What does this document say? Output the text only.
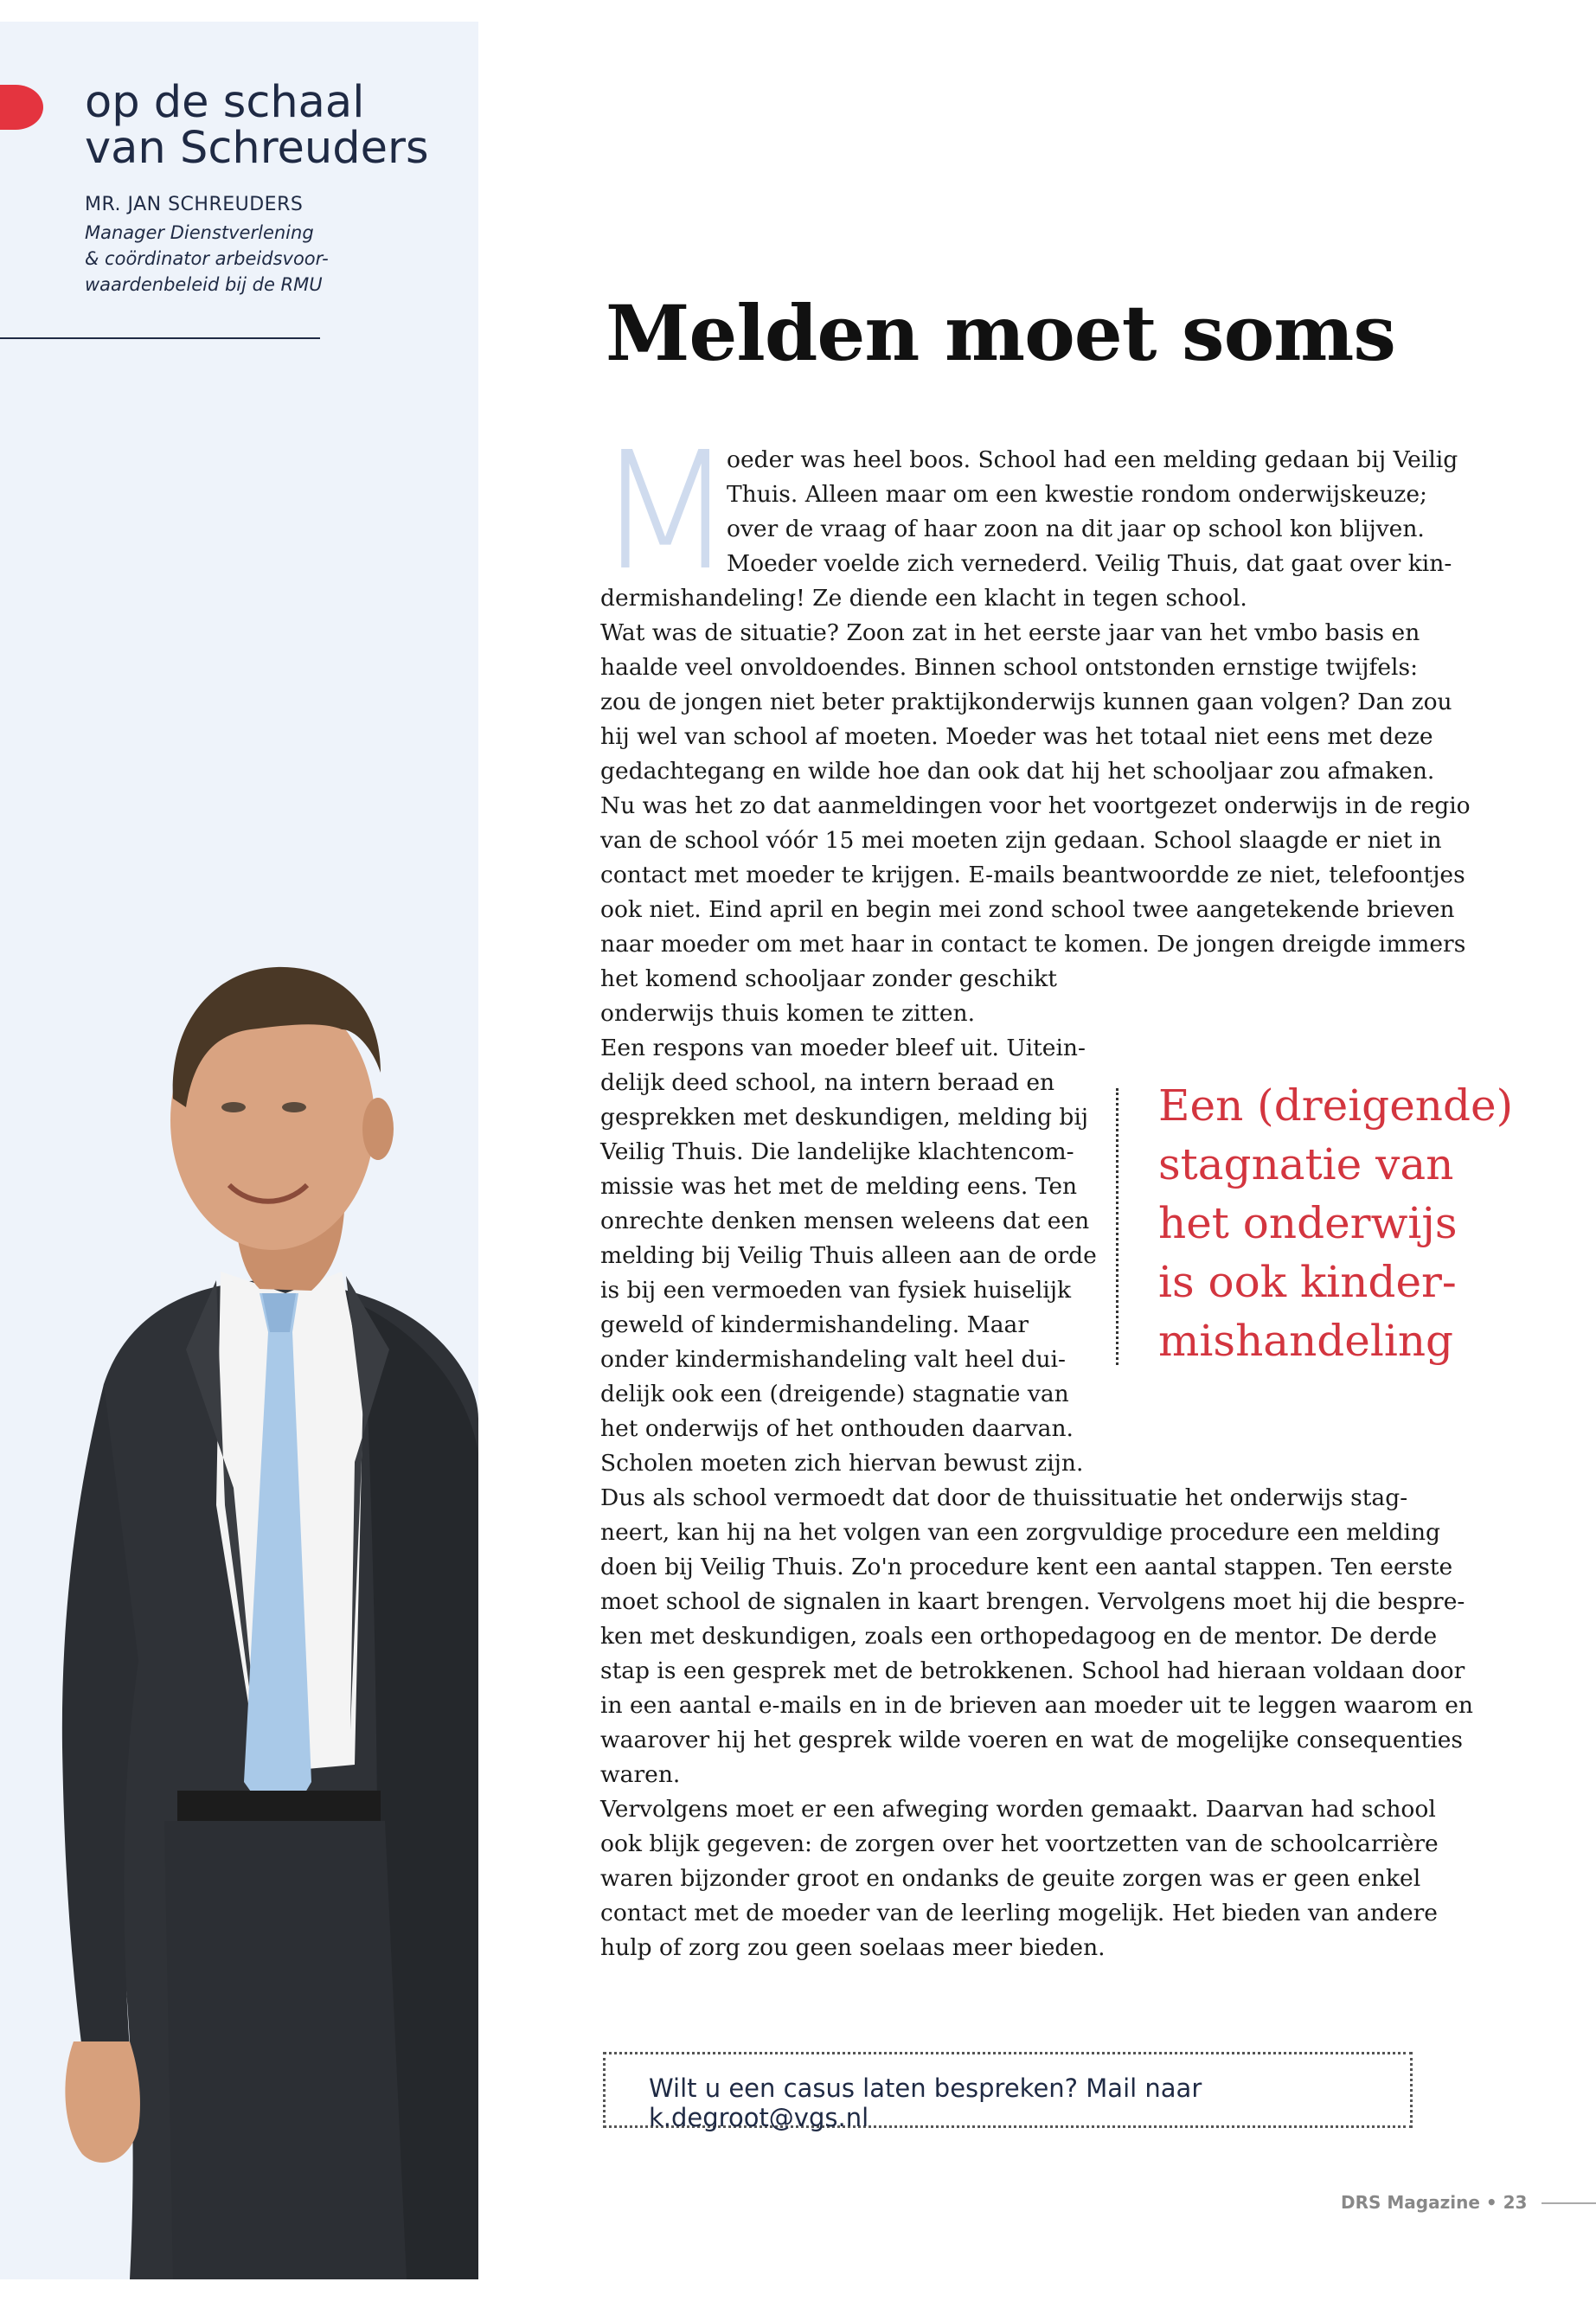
op de schaal
van Schreuders
MR. JAN SCHREUDERS
Manager Dienstverlening
& coördinator arbeidsvoor-
waardenbeleid bij de RMU
Melden moet soms
M
oeder was heel boos. School had een melding gedaan bij Veilig
Thuis. Alleen maar om een kwestie rondom onderwijskeuze;
over de vraag of haar zoon na dit jaar op school kon blijven.
Moeder voelde zich vernederd. Veilig Thuis, dat gaat over kin-
dermishandeling! Ze diende een klacht in tegen school.
Wat was de situatie? Zoon zat in het eerste jaar van het vmbo basis en
haalde veel onvoldoendes. Binnen school ontstonden ernstige twijfels:
zou de jongen niet beter praktijkonderwijs kunnen gaan volgen? Dan zou
hij wel van school af moeten. Moeder was het totaal niet eens met deze
gedachtegang en wilde hoe dan ook dat hij het schooljaar zou afmaken.
Nu was het zo dat aanmeldingen voor het voortgezet onderwijs in de regio
van de school vóór 15 mei moeten zijn gedaan. School slaagde er niet in
contact met moeder te krijgen. E-mails beantwoordde ze niet, telefoontjes
ook niet. Eind april en begin mei zond school twee aangetekende brieven
naar moeder om met haar in contact te komen. De jongen dreigde immers
het komend schooljaar zonder geschikt
onderwijs thuis komen te zitten.
Een respons van moeder bleef uit. Uitein-
delijk deed school, na intern beraad en
gesprekken met deskundigen, melding bij
Veilig Thuis. Die landelijke klachtencom-
missie was het met de melding eens. Ten
onrechte denken mensen weleens dat een
melding bij Veilig Thuis alleen aan de orde
is bij een vermoeden van fysiek huiselijk
geweld of kindermishandeling. Maar
onder kindermishandeling valt heel dui-
delijk ook een (dreigende) stagnatie van
het onderwijs of het onthouden daarvan.
Scholen moeten zich hiervan bewust zijn.
Dus als school vermoedt dat door de thuissituatie het onderwijs stag-
neert, kan hij na het volgen van een zorgvuldige procedure een melding
doen bij Veilig Thuis. Zo'n procedure kent een aantal stappen. Ten eerste
moet school de signalen in kaart brengen. Vervolgens moet hij die bespre-
ken met deskundigen, zoals een orthopedagoog en de mentor. De derde
stap is een gesprek met de betrokkenen. School had hieraan voldaan door
in een aantal e-mails en in de brieven aan moeder uit te leggen waarom en
waarover hij het gesprek wilde voeren en wat de mogelijke consequenties
waren.
Vervolgens moet er een afweging worden gemaakt. Daarvan had school
ook blijk gegeven: de zorgen over het voortzetten van de schoolcarrière
waren bijzonder groot en ondanks de geuite zorgen was er geen enkel
contact met de moeder van de leerling mogelijk. Het bieden van andere
hulp of zorg zou geen soelaas meer bieden.
Een (dreigende)
stagnatie van
het onderwijs
is ook kinder-
mishandeling
Wilt u een casus laten bespreken? Mail naar k.degroot@vgs.nl
DRS Magazine • 23
